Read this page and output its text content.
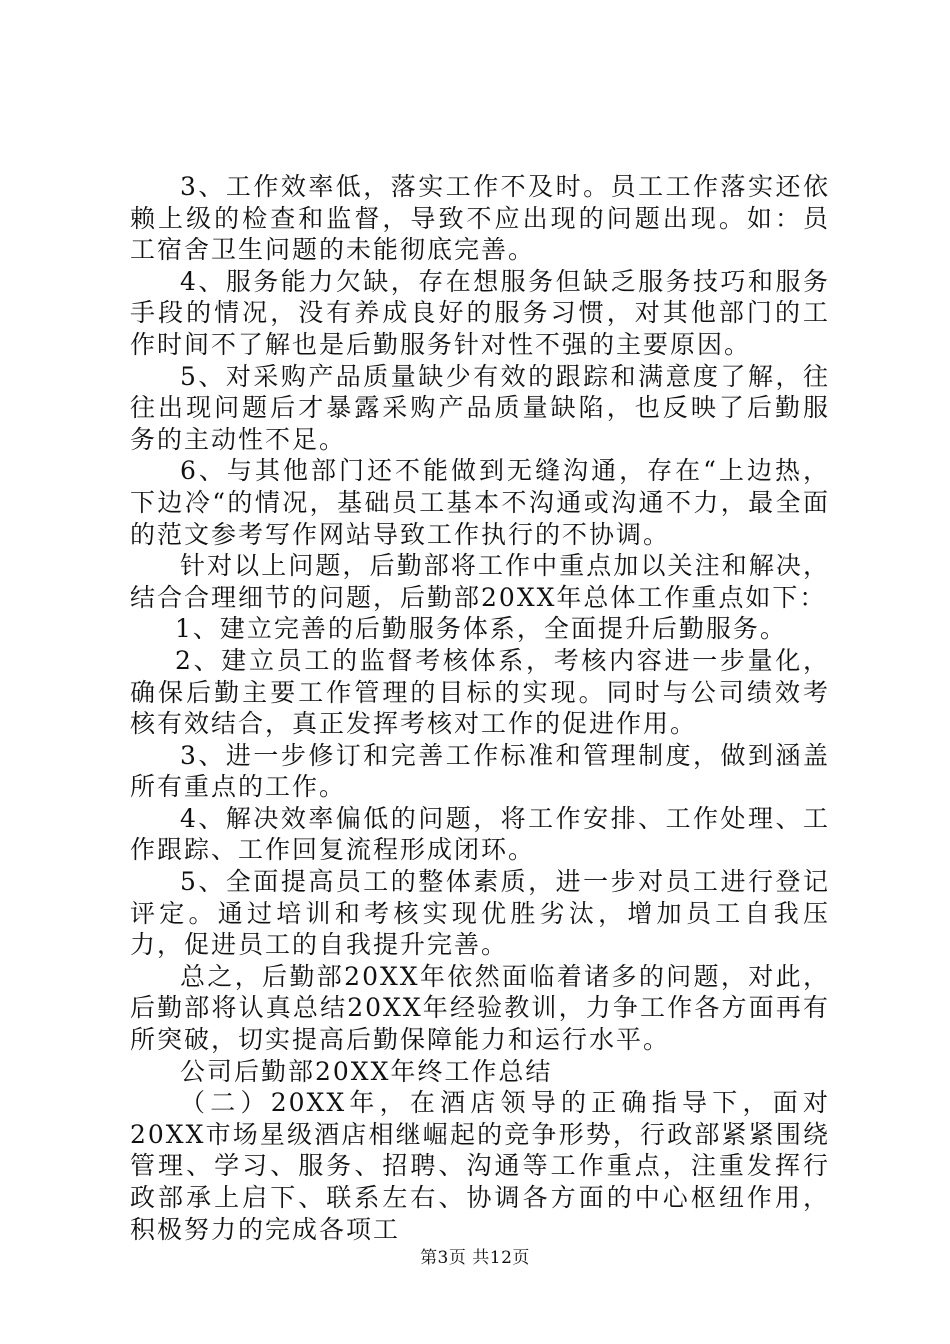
3、工作效率低，落实工作不及时。员工工作落实还依赖上级的检查和监督，导致不应出现的问题出现。如：员工宿舍卫生问题的未能彻底完善。

4、服务能力欠缺，存在想服务但缺乏服务技巧和服务手段的情况，没有养成良好的服务习惯，对其他部门的工作时间不了解也是后勤服务针对性不强的主要原因。

5、对采购产品质量缺少有效的跟踪和满意度了解，往往出现问题后才暴露采购产品质量缺陷，也反映了后勤服务的主动性不足。

6、与其他部门还不能做到无缝沟通，存在“上边热，下边冷“的情况，基础员工基本不沟通或沟通不力，最全面的范文参考写作网站导致工作执行的不协调。

针对以上问题，后勤部将工作中重点加以关注和解决，结合合理细节的问题，后勤部20XX年总体工作重点如下：

1、建立完善的后勤服务体系，全面提升后勤服务。

2、建立员工的监督考核体系，考核内容进一步量化，确保后勤主要工作管理的目标的实现。同时与公司绩效考核有效结合，真正发挥考核对工作的促进作用。

3、进一步修订和完善工作标准和管理制度，做到涵盖所有重点的工作。

4、解决效率偏低的问题，将工作安排、工作处理、工作跟踪、工作回复流程形成闭环。

5、全面提高员工的整体素质，进一步对员工进行登记评定。通过培训和考核实现优胜劣汰，增加员工自我压力，促进员工的自我提升完善。

总之，后勤部20XX年依然面临着诸多的问题，对此，后勤部将认真总结20XX年经验教训，力争工作各方面再有所突破，切实提高后勤保障能力和运行水平。

公司后勤部20XX年终工作总结

（二）20XX年，在酒店领导的正确指导下，面对20XX市场星级酒店相继崛起的竞争形势，行政部紧紧围绕管理、学习、服务、招聘、沟通等工作重点，注重发挥行政部承上启下、联系左右、协调各方面的中心枢纽作用，积极努力的完成各项工

第3页 共12页
